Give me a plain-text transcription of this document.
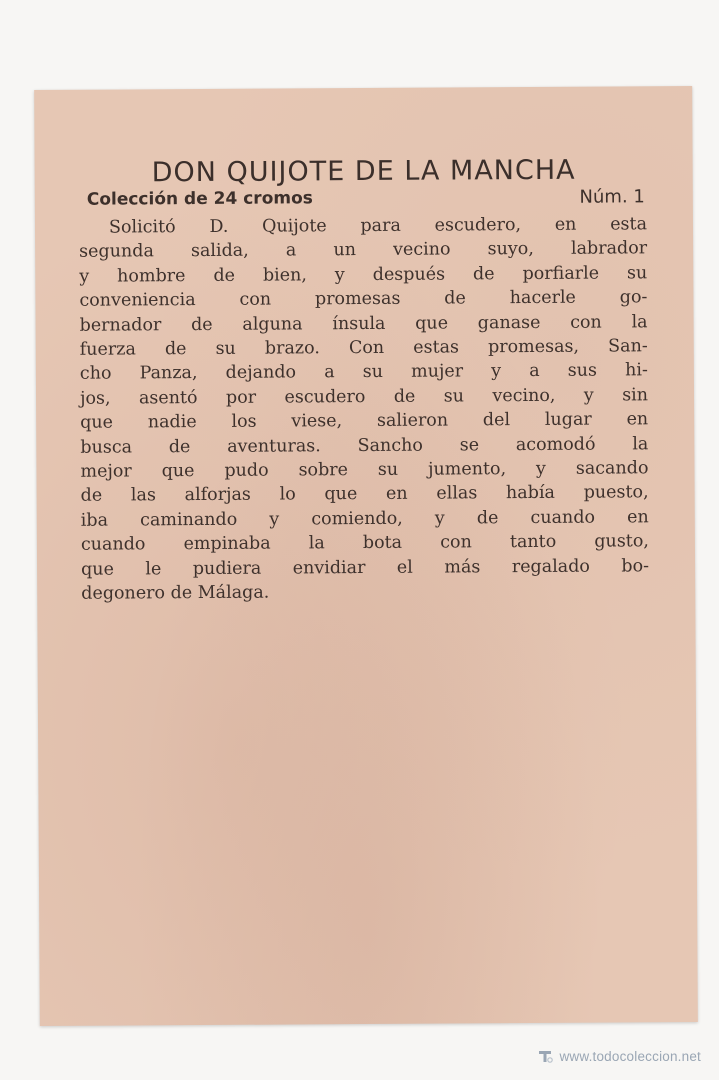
DON QUIJOTE DE LA MANCHA
Colección de 24 cromos	Núm. 1
Solicitó D. Quijote para escudero, en esta
segunda salida, a un vecino suyo, labrador
y hombre de bien, y después de porfiarle su
conveniencia con promesas de hacerle go-
bernador de alguna ínsula que ganase con la
fuerza de su brazo. Con estas promesas, San-
cho Panza, dejando a su mujer y a sus hi-
jos, asentó por escudero de su vecino, y sin
que nadie los viese, salieron del lugar en
busca de aventuras. Sancho se acomodó la
mejor que pudo sobre su jumento, y sacando
de las alforjas lo que en ellas había puesto,
iba caminando y comiendo, y de cuando en
cuando empinaba la bota con tanto gusto,
que le pudiera envidiar el más regalado bo-
degonero de Málaga.
www.todocoleccion.net
